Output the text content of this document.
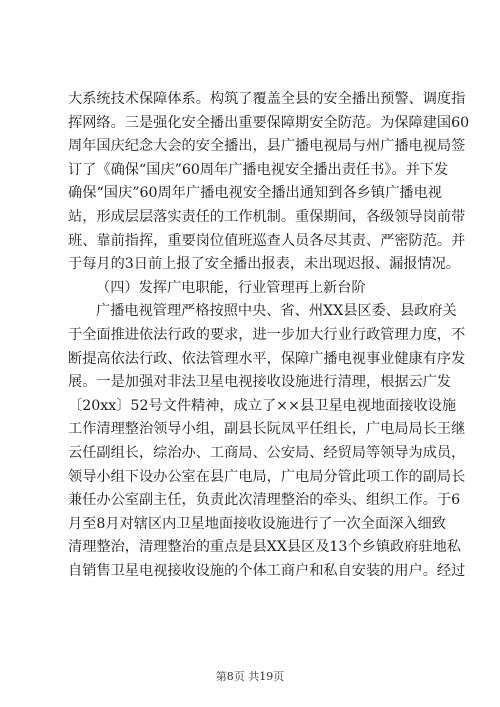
大系统技术保障体系。构筑了覆盖全县的安全播出预警、调度指
挥网络。三是强化安全播出重要保障期安全防范。为保障建国60
周年国庆纪念大会的安全播出，县广播电视局与州广播电视局签
订了《确保“国庆”60周年广播电视安全播出责任书》。并下发
确保“国庆”60周年广播电视安全播出通知到各乡镇广播电视
站，形成层层落实责任的工作机制。重保期间，各级领导岗前带
班、靠前指挥，重要岗位值班巡查人员各尽其责、严密防范。并
于每月的3日前上报了安全播出报表，未出现迟报、漏报情况。
（四）发挥广电职能，行业管理再上新台阶
广播电视管理严格按照中央、省、州XX县区委、县政府关
于全面推进依法行政的要求，进一步加大行业行政管理力度，不
断提高依法行政、依法管理水平，保障广播电视事业健康有序发
展。一是加强对非法卫星电视接收设施进行清理，根据云广发
〔20xx〕52号文件精神，成立了××县卫星电视地面接收设施
工作清理整治领导小组，副县长阮凤平任组长，广电局局长王继
云任副组长，综治办、工商局、公安局、经贸局等领导为成员，
领导小组下设办公室在县广电局，广电局分管此项工作的副局长
兼任办公室副主任，负责此次清理整治的牵头、组织工作。于6
月至8月对辖区内卫星地面接收设施进行了一次全面深入细致
清理整治，清理整治的重点是县XX县区及13个乡镇政府驻地私
自销售卫星电视接收设施的个体工商户和私自安装的用户。经过
第8页 共19页
